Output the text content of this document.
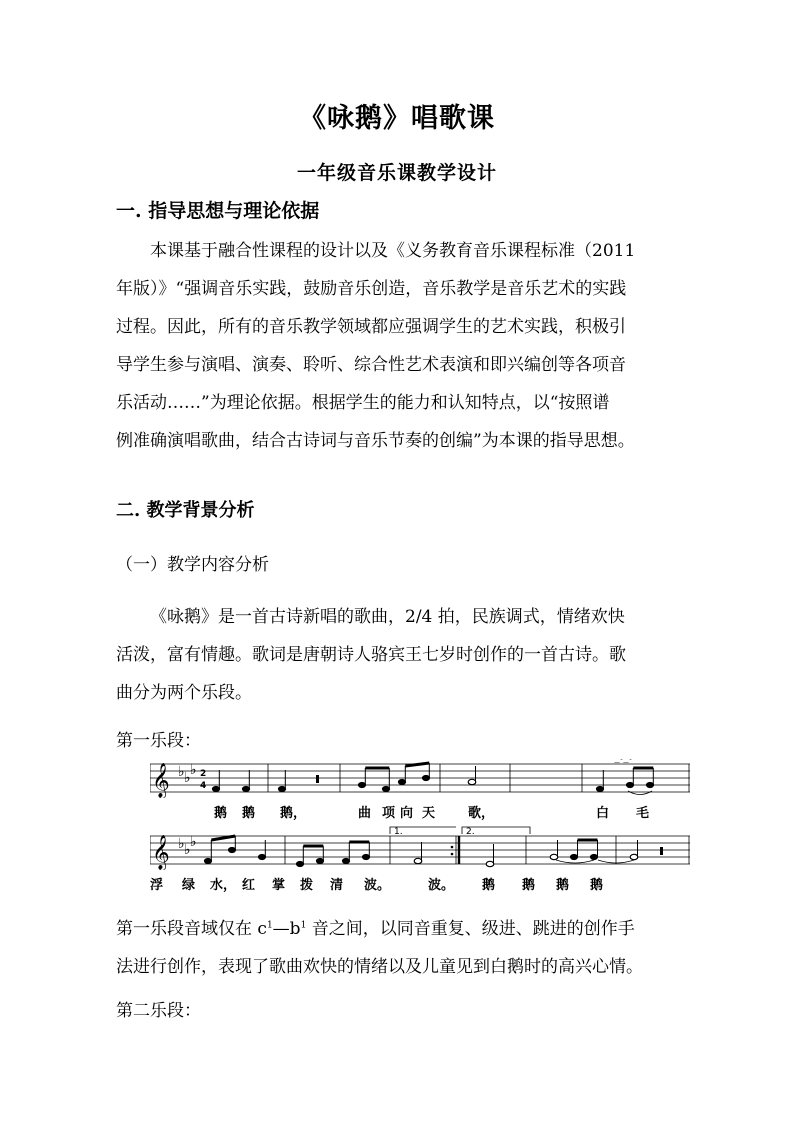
《咏鹅》唱歌课
一年级音乐课教学设计
一. 指导思想与理论依据
本课基于融合性课程的设计以及《义务教育音乐课程标准（2011
年版）》“强调音乐实践，鼓励音乐创造，音乐教学是音乐艺术的实践
过程。因此，所有的音乐教学领域都应强调学生的艺术实践，积极引
导学生参与演唱、演奏、聆听、综合性艺术表演和即兴编创等各项音
乐活动……”为理论依据。根据学生的能力和认知特点，以“按照谱
例准确演唱歌曲，结合古诗词与音乐节奏的创编”为本课的指导思想。
二. 教学背景分析
（一）教学内容分析
《咏鹅》是一首古诗新唱的歌曲，2/4 拍，民族调式，情绪欢快
活泼，富有情趣。歌词是唐朝诗人骆宾王七岁时创作的一首古诗。歌
曲分为两个乐段。
第一乐段：
𝄞 ♭ ♭ ♭ 2
4
—ˉ—ˉ
鹅 鹅 鹅，	曲 项 向 天	歌，	白 毛
𝄞 ♭ ♭ ♭
1.	2.
浮 绿 水， 红 掌 拨 清 波。	波。 鹅 鹅 鹅 鹅
第一乐段音域仅在 $c^1—b^1$ 音之间，以同音重复、级进、跳进的创作手
法进行创作，表现了歌曲欢快的情绪以及儿童见到白鹅时的高兴心情。
第二乐段：
